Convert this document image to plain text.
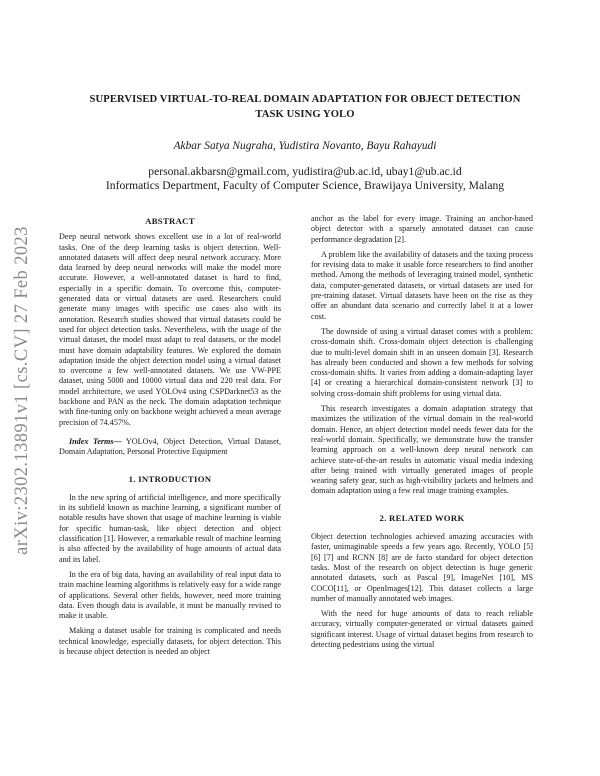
arXiv:2302.13891v1 [cs.CV] 27 Feb 2023
SUPERVISED VIRTUAL-TO-REAL DOMAIN ADAPTATION FOR OBJECT DETECTION
TASK USING YOLO
Akbar Satya Nugraha, Yudistira Novanto, Bayu Rahayudi
personal.akbarsn@gmail.com, yudistira@ub.ac.id, ubay1@ub.ac.id
Informatics Department, Faculty of Computer Science, Brawijaya University, Malang
ABSTRACT

Deep neural network shows excellent use in a lot of real-world tasks. One of the deep learning tasks is object detection. Well-annotated datasets will affect deep neural network accuracy. More data learned by deep neural networks will make the model more accurate. However, a well-annotated dataset is hard to find, especially in a specific domain. To overcome this, computer-generated data or virtual datasets are used. Researchers could generate many images with specific use cases also with its annotation. Research studies showed that virtual datasets could be used for object detection tasks. Nevertheless, with the usage of the virtual dataset, the model must adapt to real datasets, or the model must have domain adaptability features. We explored the domain adaptation inside the object detection model using a virtual dataset to overcome a few well-annotated datasets. We use VW-PPE dataset, using 5000 and 10000 virtual data and 220 real data. For model architecture, we used YOLOv4 using CSPDarknet53 as the backbone and PAN as the neck. The domain adaptation technique with fine-tuning only on backbone weight achieved a mean average precision of 74.457%.

Index Terms— YOLOv4, Object Detection, Virtual Dataset, Domain Adaptation, Personal Protective Equipment

1. INTRODUCTION

In the new spring of artificial intelligence, and more specifically in its subfield known as machine learning, a significant number of notable results have shown that usage of machine learning is viable for specific human-task, like object detection and object classification [1]. However, a remarkable result of machine learning is also affected by the availability of huge amounts of actual data and its label.

In the era of big data, having an availability of real input data to train machine learning algorithms is relatively easy for a wide range of applications. Several other fields, however, need more training data. Even though data is available, it must be manually revised to make it usable.

Making a dataset usable for training is complicated and needs technical knowledge, especially datasets, for object detection. This is because object detection is needed an object

anchor as the label for every image. Training an anchor-based object detector with a sparsely annotated dataset can cause performance degradation [2].

A problem like the availability of datasets and the taxing process for revising data to make it usable force researchers to find another method. Among the methods of leveraging trained model, synthetic data, computer-generated datasets, or virtual datasets are used for pre-training dataset. Virtual datasets have been on the rise as they offer an abundant data scenario and correctly label it at a lower cost.

The downside of using a virtual dataset comes with a problem: cross-domain shift. Cross-domain object detection is challenging due to multi-level domain shift in an unseen domain [3]. Research has already been conducted and shown a few methods for solving cross-domain shifts. It varies from adding a domain-adapting layer [4] or creating a hierarchical domain-consistent network [3] to solving cross-domain shift problems for using virtual data.

This research investigates a domain adaptation strategy that maximizes the utilization of the virtual domain in the real-world domain. Hence, an object detection model needs fewer data for the real-world domain. Specifically, we demonstrate how the transfer learning approach on a well-known deep neural network can achieve state-of-the-art results in automatic visual media indexing after being trained with virtually generated images of people wearing safety gear, such as high-visibility jackets and helmets and domain adaptation using a few real image training examples.

2. RELATED WORK

Object detection technologies achieved amazing accuracies with faster, unimaginable speeds a few years ago. Recently, YOLO [5] [6] [7] and RCNN [8] are de facto standard for object detection tasks. Most of the research on object detection is huge generic annotated datasets, such as Pascal [9], ImageNet [10], MS COCO[11], or OpenImages[12]. This dataset collects a large number of manually annotated web images.

With the need for huge amounts of data to reach reliable accuracy, virtually computer-generated or virtual datasets gained significant interest. Usage of virtual dataset begins from research to detecting pedestrians using the virtual
